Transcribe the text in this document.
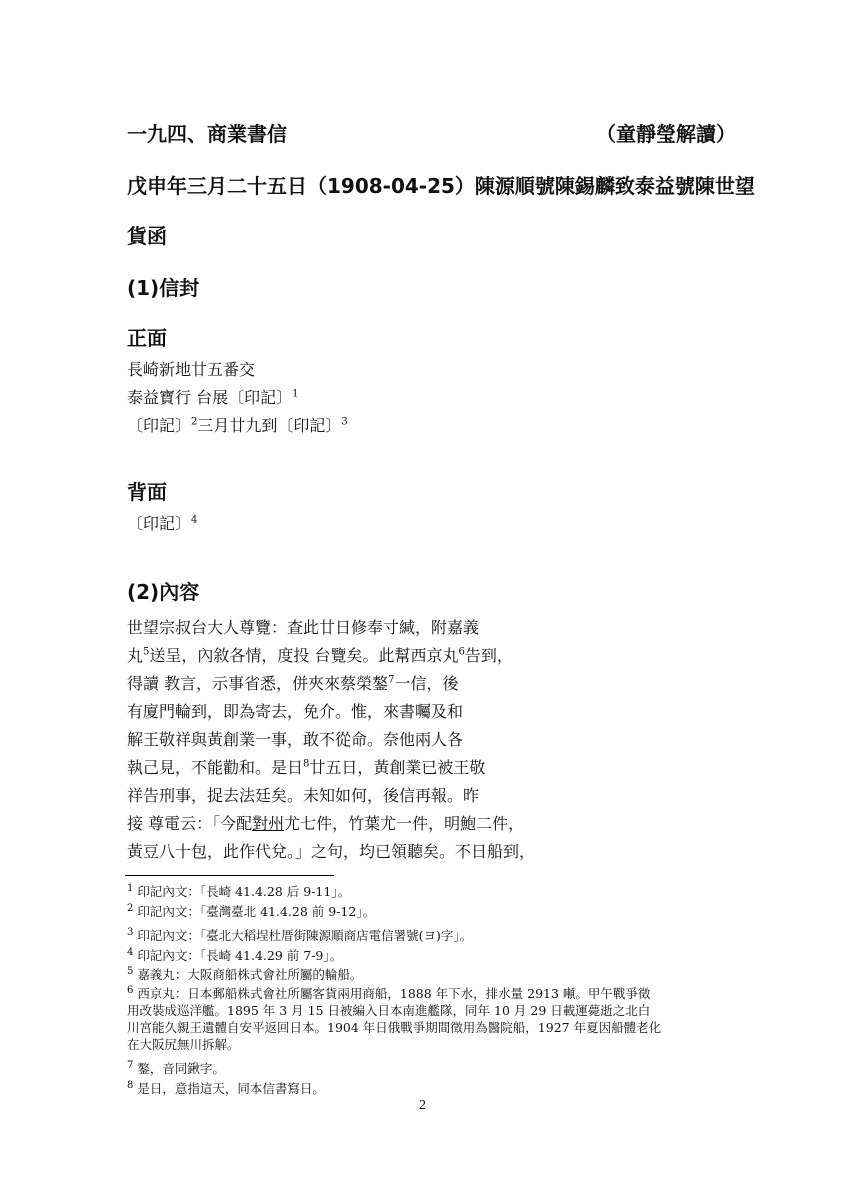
一九四、商業書信	（童靜瑩解讀）
戊申年三月二十五日（1908-04-25）陳源順號陳錫麟致泰益號陳世望
貨函
(1)信封
正面
長崎新地廿五番交
泰益寶行 台展〔印記〕$^1$
〔印記〕$^2$三月廿九到〔印記〕$^3$
背面
〔印記〕$^4$
(2)內容
世望宗叔台大人尊覽：查此廿日修奉寸緘，附嘉義
丸$^5$送呈，內敘各情，度投 台覽矣。此幫西京丸$^6$告到，
得讀 教言，示事省悉，併夾來蔡榮鏊$^7$一信，後
有廈門輪到，即為寄去，免介。惟，來書囑及和
解王敬祥與黃創業一事，敢不從命。奈他兩人各
執己見，不能勸和。是日$^8$廿五日，黃創業已被王敬
祥告刑事，捉去法廷矣。未知如何，後信再報。昨
接 尊電云：「今配對州尤七件，竹葉尤一件，明鮑二件，
黃豆八十包，此作代兌。」之句，均已領聽矣。不日船到，
$^1$ 印記內文：「長崎 41.4.28 后 9-11」。
$^2$ 印記內文：「臺灣臺北 41.4.28 前 9-12」。
$^3$ 印記內文：「臺北大稻埕杜厝街陳源順商店電信署號(ヨ)字」。
$^4$ 印記內文：「長崎 41.4.29 前 7-9」。
$^5$ 嘉義丸：大阪商船株式會社所屬的輪船。
$^6$ 西京丸：日本郵船株式會社所屬客貨兩用商船，1888 年下水，排水量 2913 噸。甲午戰爭徵
用改裝成巡洋艦。1895 年 3 月 15 日被編入日本南進艦隊，同年 10 月 29 日載運薨逝之北白
川宮能久親王遺體自安平返回日本。1904 年日俄戰爭期間徵用為醫院船，1927 年夏因船體老化
在大阪尻無川拆解。
$^7$ 鏊，音同鍬字。
$^8$ 是日，意指這天，同本信書寫日。
2
